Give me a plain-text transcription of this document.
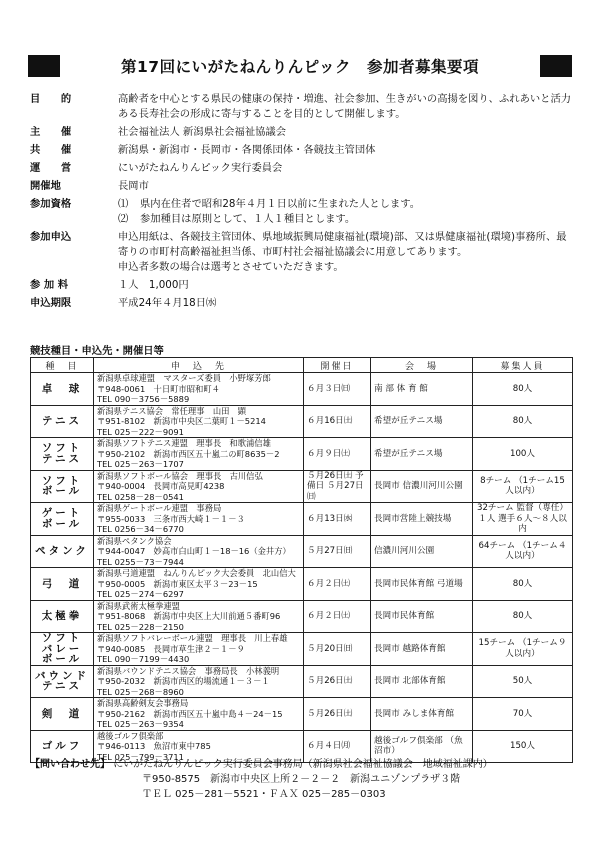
第17回にいがたねんりんピック　参加者募集要項
目　　的	高齢者を中心とする県民の健康の保持・増進、社会参加、生きがいの高揚を図り、ふれあいと活力ある長寿社会の形成に寄与することを目的として開催します。
主　　催	社会福祉法人 新潟県社会福祉協議会
共　　催	新潟県・新潟市・長岡市・各関係団体・各競技主管団体
運　　営	にいがたねんりんピック実行委員会
開催地	長岡市
参加資格	⑴	県内在住者で昭和28年４月１日以前に生まれた人とします。
⑵	参加種目は原則として、１人１種目とします。
参加申込	申込用紙は、各競技主管団体、県地域振興局健康福祉(環境)部、又は県健康福祉(環境)事務所、最寄りの市町村高齢福祉担当係、市町村社会福祉協議会に用意してあります。
申込者多数の場合は選考とさせていただきます。
参 加 料	１人　1,000円
申込期限	平成24年４月18日㈬
競技種目・申込先・開催日等
種　目	申　込　先	開催日	会　場	募集人員
卓　球	新潟県卓球連盟　マスターズ委員　小野塚芳郎
〒948-0061　十日町市昭和町４
TEL 090－3756－5889	６月３日㈰	南 部 体 育 館	80人
テニス	新潟県テニス協会　常任理事　山田　顕
〒951-8102　新潟市中央区二葉町１－5214
TEL 025－222－9091	６月16日㈯	希望が丘テニス場	80人
ソフト テニス	新潟県ソフトテニス連盟　理事長　和歌浦信雄
〒950-2102　新潟市西区五十嵐二の町8635－2
TEL 025－263－1707	６月９日㈯	希望が丘テニス場	100人
ソフト ボール	新潟県ソフトボール協会　理事長　古川信弘
〒940-0004　長岡市高見町4238
TEL 0258－28－0541	５月26日㈯ 予備日 ５月27日㈰	長岡市 信濃川河川公園	8チーム （1チーム15人以内）
ゲート ボール	新潟県ゲートボール連盟　事務局
〒955-0033　三条市西大崎１－１－３
TEL 0256－34－6770	６月13日㈬	長岡市営陸上競技場	32チーム 監督（専任）１人 選手６人～８人以内
ペタンク	新潟県ペタンク協会
〒944-0047　妙高市白山町１－18－16（金井方）
TEL 0255－73－7944	５月27日㈰	信濃川河川公園	64チーム （1チーム４人以内）
弓　道	新潟県弓道連盟　ねんりんピック大会委員　北山信大
〒950-0005　新潟市東区太平３－23－15
TEL 025－274－6297	６月２日㈯	長岡市民体育館 弓道場	80人
太極拳	新潟県武術太極拳連盟
〒951-8068　新潟市中央区上大川前通５番町96
TEL 025－228－2150	６月２日㈯	長岡市民体育館	80人
ソフト バレー ボール	新潟県ソフトバレーボール連盟　理事長　川上春雄
〒940-0085　長岡市草生津２－１－９
TEL 090－7199－4430	５月20日㈰	長岡市 越路体育館	15チーム （1チーム９人以内）
バウンド テニス	新潟県バウンドテニス協会　事務局長　小林義明
〒950-2032　新潟市西区的場流通１－３－１
TEL 025－268－8960	５月26日㈯	長岡市 北部体育館	50人
剣　道	新潟県高齢剣友会事務局
〒950-2162　新潟市西区五十嵐中島４－24－15
TEL 025－263－9354	５月26日㈯	長岡市 みしま体育館	70人
ゴルフ	越後ゴルフ倶楽部
〒946-0113　魚沼市東中785
TEL 025－799－3711	６月４日㈪	越後ゴルフ倶楽部 （魚沼市）	150人
【問い合わせ先】 にいがたねんりんピック実行委員会事務局（新潟県社会福祉協議会　地域福祉課内）
〒950-8575　新潟市中央区上所２－２－２　新潟ユニゾンプラザ３階
ＴＥＬ 025－281－5521・ＦＡＸ 025－285－0303
